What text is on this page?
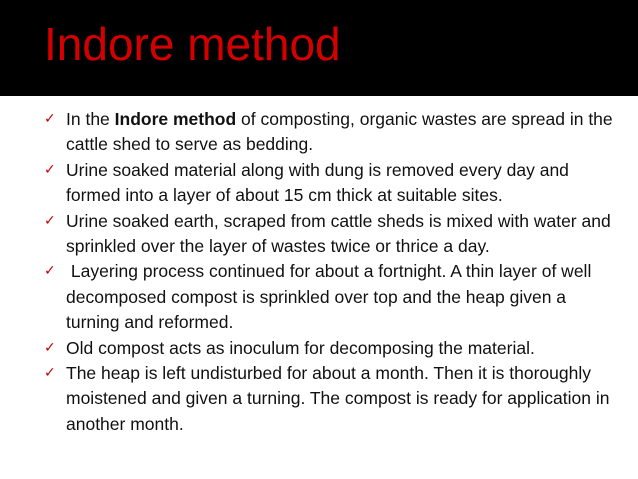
Indore method
✓ In the Indore method of composting, organic wastes are spread in the cattle shed to serve as bedding.
✓ Urine soaked material along with dung is removed every day and formed into a layer of about 15 cm thick at suitable sites.
✓ Urine soaked earth, scraped from cattle sheds is mixed with water and sprinkled over the layer of wastes twice or thrice a day.
✓ Layering process continued for about a fortnight. A thin layer of well decomposed compost is sprinkled over top and the heap given a turning and reformed.
✓ Old compost acts as inoculum for decomposing the material.
✓ The heap is left undisturbed for about a month. Then it is thoroughly moistened and given a turning. The compost is ready for application in another month.
